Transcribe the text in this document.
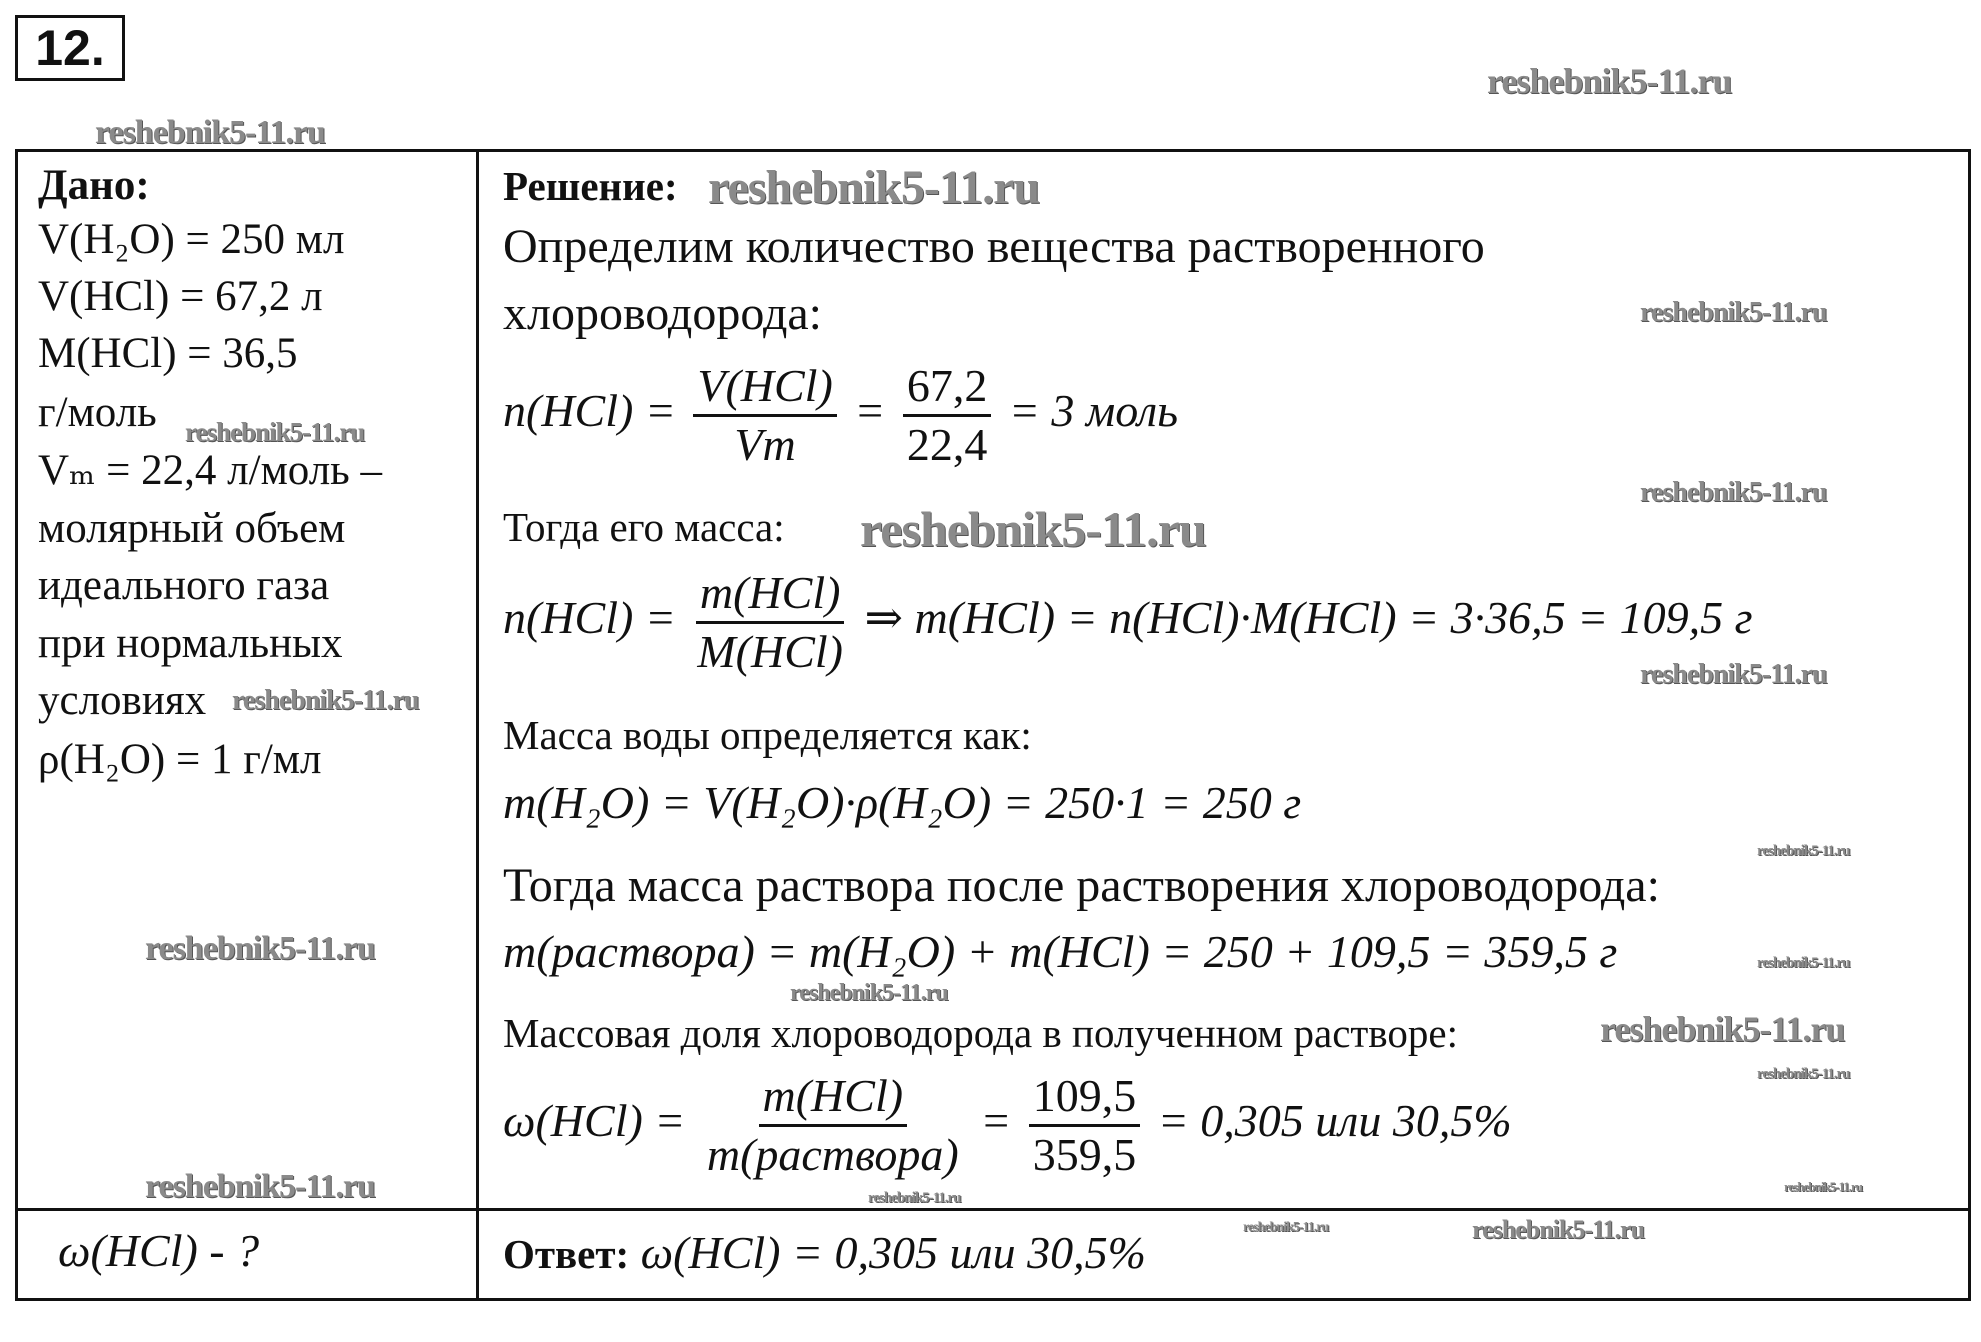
12.
Дано:
V(H₂O) = 250 мл
V(HCl) = 67,2 л
M(HCl) = 36,5
г/моль
Vₘ = 22,4 л/моль –
молярный объем
идеального газа
при нормальных
условиях
ρ(H₂O) = 1 г/мл
ω(HCl) - ?
Решение:
Определим количество вещества растворенного
хлороводорода:
$n(HCl) = \frac{\text{V(HCl)}}{Vm} = \frac{67,2}{22,4} = 3$ моль
Тогда его масса:
$n(HCl) = \frac{\text{m(HCl)}}{\text{M(HCl)}}$ ⇒ m(HCl) = n(HCl)·M(HCl) = 3·36,5 = 109,5 г
Масса воды определяется как:
m(H₂O) = V(H₂O)·ρ(H₂O) = 250·1 = 250 г
Тогда масса раствора после растворения хлороводорода:
m(раствора) = m(H₂O) + m(HCl) = 250 + 109,5 = 359,5 г
Массовая доля хлороводорода в полученном растворе:
$\omega(HCl) = \frac{\text{m(HCl)}}{\text{m(раствора)}} = \frac{109,5}{359,5} = 0,305$ или 30,5%
Ответ: ω(HCl) = 0,305 или 30,5%
reshebnik5-11.ru
reshebnik5-11.ru
reshebnik5-11.ru
reshebnik5-11.ru
reshebnik5-11.ru
reshebnik5-11.ru
reshebnik5-11.ru
reshebnik5-11.ru
reshebnik5-11.ru
reshebnik5-11.ru
reshebnik5-11.ru	reshebnik5-11.ru
reshebnik5-11.ru
reshebnik5-11.ru
reshebnik5-11.ru
reshebnik5-11.ru	reshebnik5-11.ru
reshebnik5-11.ru
reshebnik5-11.ru	reshebnik5-11.ru
